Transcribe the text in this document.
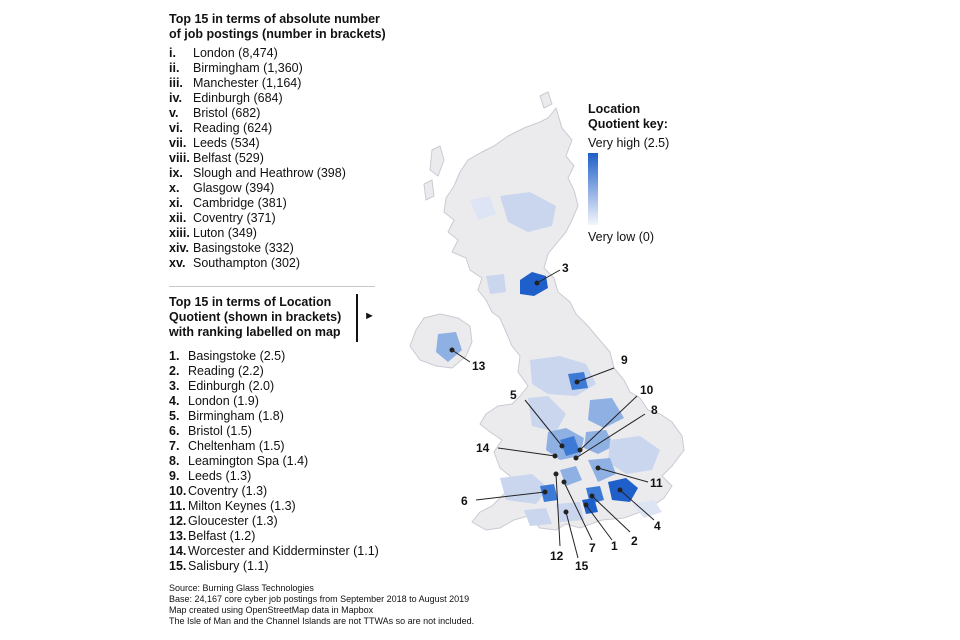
Top 15 in terms of absolute number
of job postings (number in brackets)
i.	London (8,474)
ii.	Birmingham (1,360)
iii. Manchester (1,164)
iv. Edinburgh (684)
v.	Bristol (682)
vi. Reading (624)
vii. Leeds (534)
viii. Belfast (529)
ix. Slough and Heathrow (398)
x.	Glasgow (394)
xi. Cambridge (381)
xii. Coventry (371)
xiii. Luton (349)
xiv. Basingstoke (332)
xv. Southampton (302)
Top 15 in terms of Location
Quotient (shown in brackets)
with ranking labelled on map
1. Basingstoke (2.5)
2. Reading (2.2)
3. Edinburgh (2.0)
4. London (1.9)
5. Birmingham (1.8)
6. Bristol (1.5)
7. Cheltenham (1.5)
8. Leamington Spa (1.4)
9. Leeds (1.3)
10. Coventry (1.3)
11. Milton Keynes (1.3)
12. Gloucester (1.3)
13. Belfast (1.2)
14. Worcester and Kidderminster (1.1)
15. Salisbury (1.1)
►
3
13	9
5	10
8
14
11
6
4
2
1
7
12
15
Location
Quotient key:
Very high (2.5)
Very low (0)
Source: Burning Glass Technologies
Base: 24,167 core cyber job postings from September 2018 to August 2019
Map created using OpenStreetMap data in Mapbox
The Isle of Man and the Channel Islands are not TTWAs so are not included.
